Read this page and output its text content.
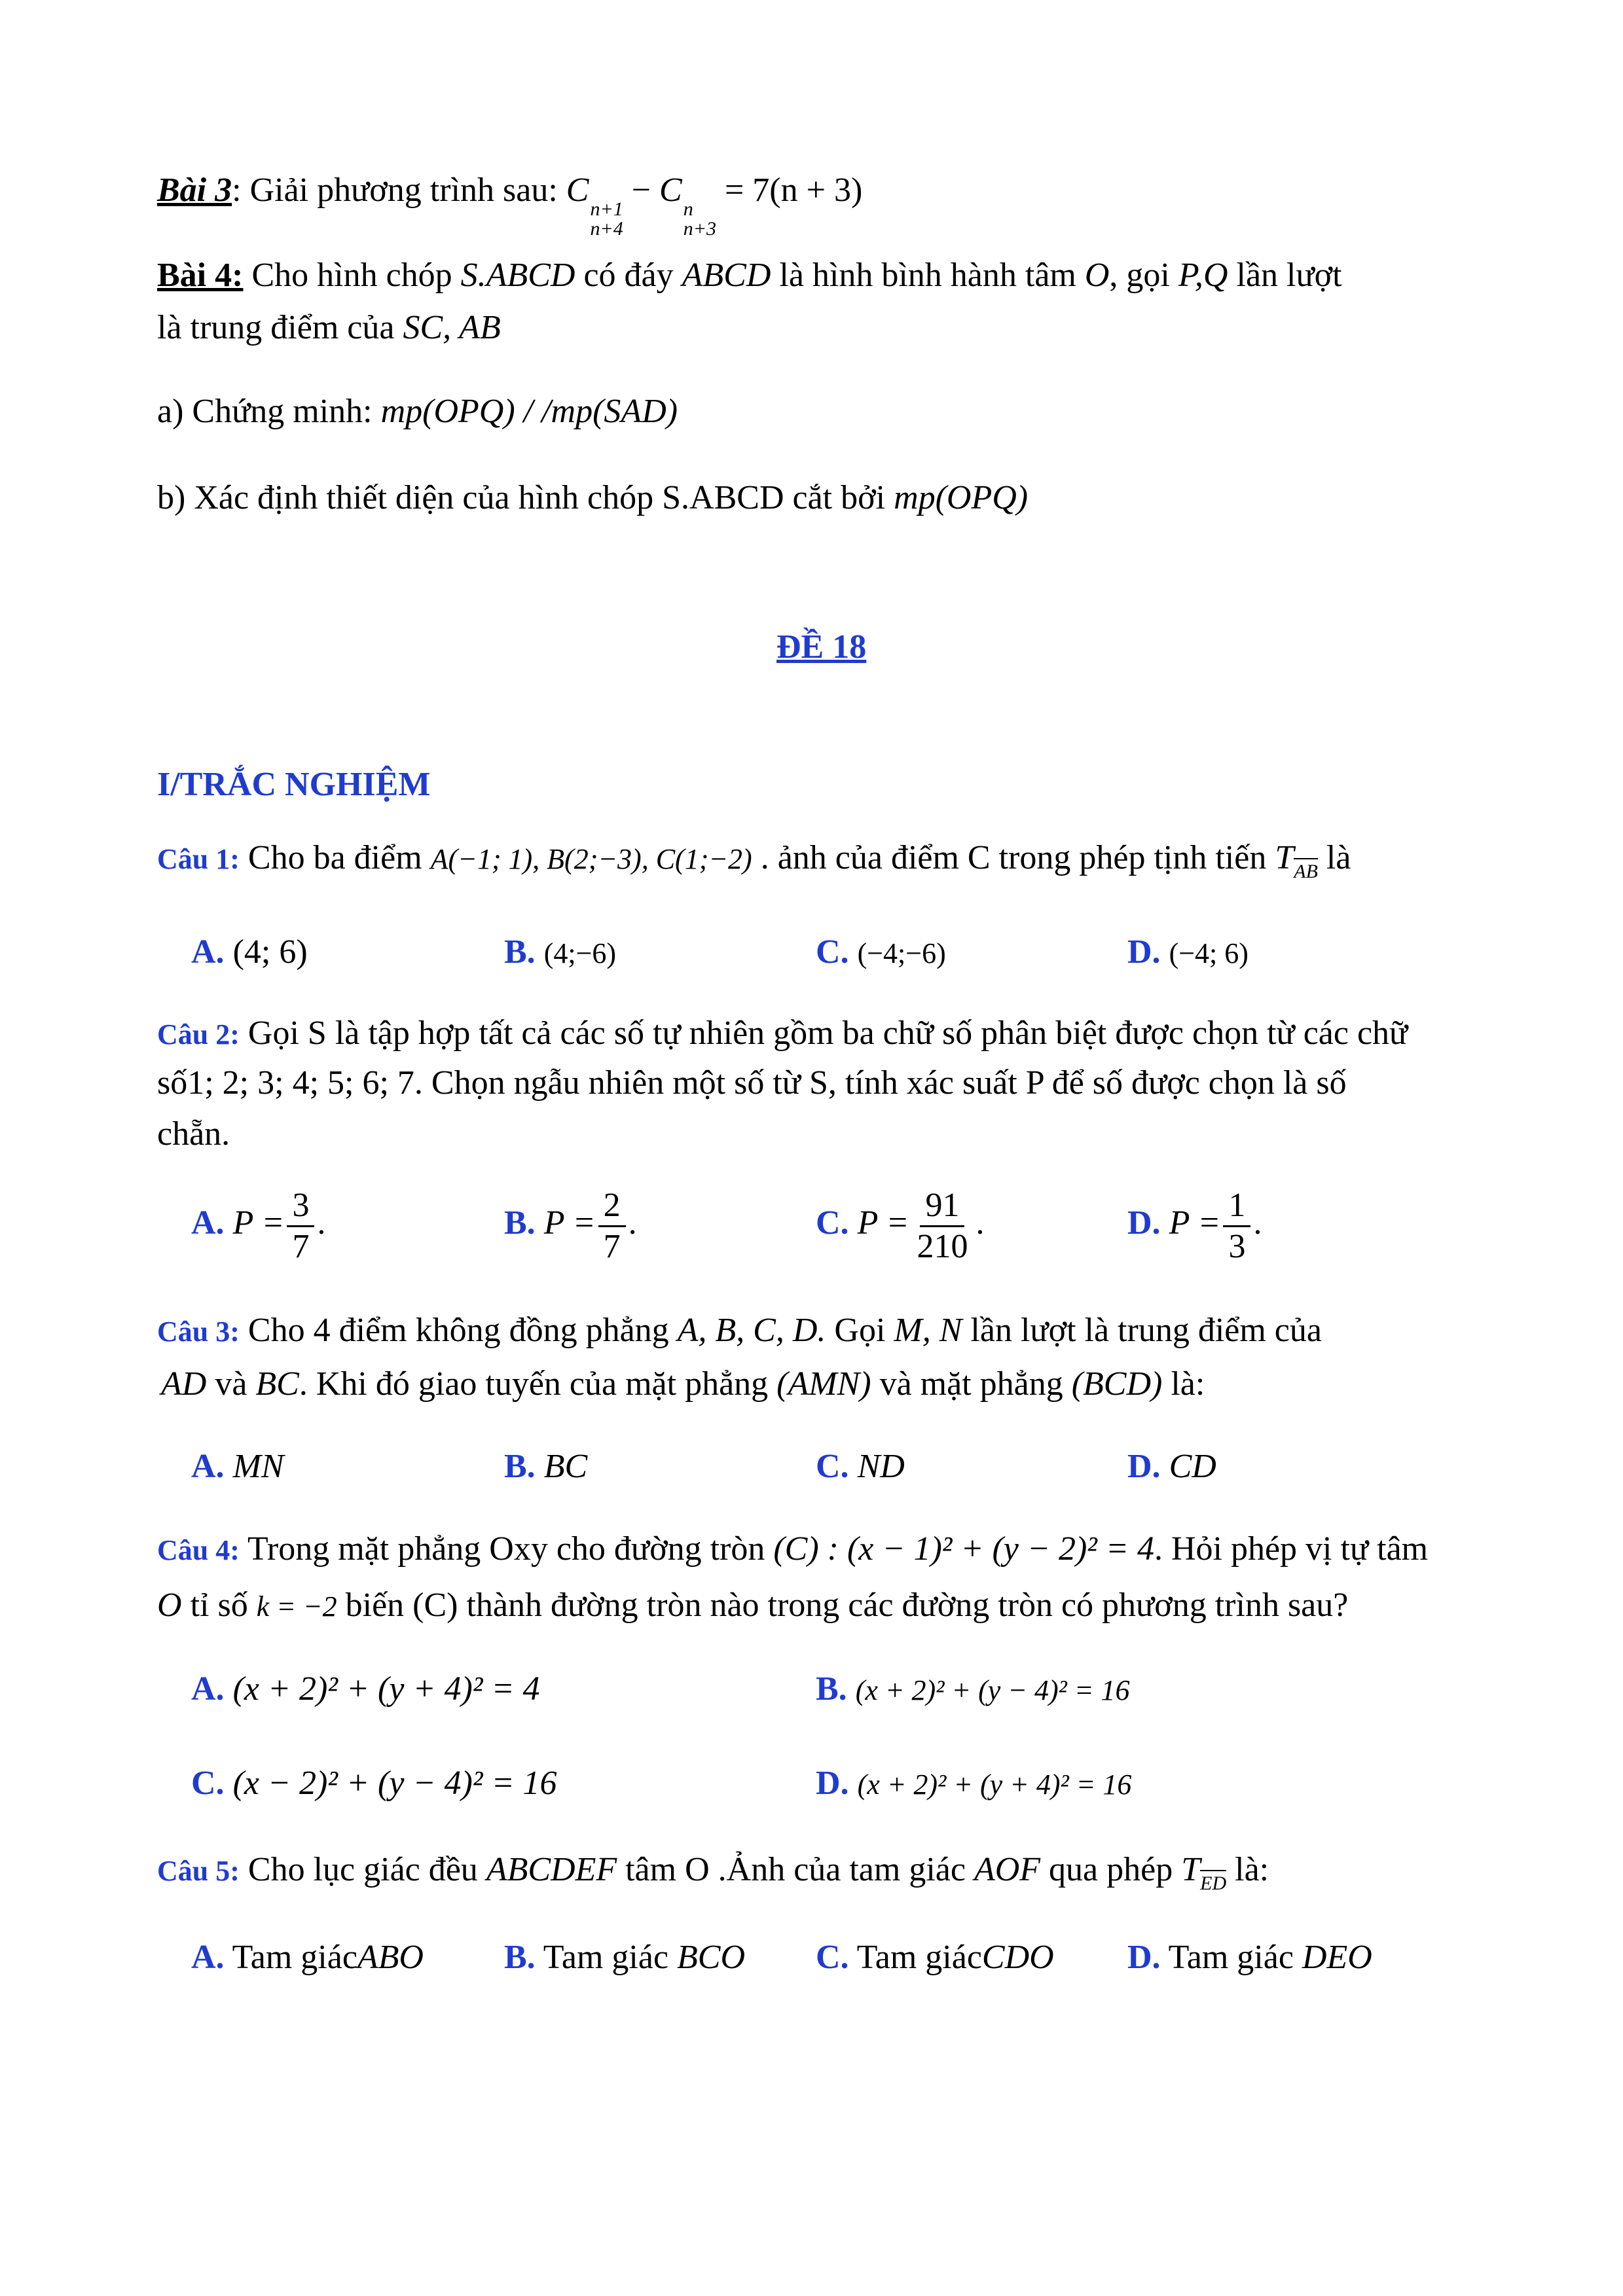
Bài 3: Giải phương trình sau: C
n+1
n+4
− C
n
n+3
= 7(n + 3)
Bài 4: Cho hình chóp S.ABCD có đáy ABCD là hình bình hành tâm O, gọi P,Q lần lượt
là trung điểm của SC, AB
a) Chứng minh: mp(OPQ) / /mp(SAD)
b) Xác định thiết diện của hình chóp S.ABCD cắt bởi mp(OPQ)
ĐỀ 18
I/TRẮC NGHIỆM
Câu 1: Cho ba điểm A(−1; 1), B(2;−3), C(1;−2) . ảnh của điểm C trong phép tịnh tiến TAB là
A. (4; 6)	B. (4;−6)	C. (−4;−6)	D. (−4; 6)
Câu 2: Gọi S là tập hợp tất cả các số tự nhiên gồm ba chữ số phân biệt được chọn từ các chữ
số1; 2; 3; 4; 5; 6; 7. Chọn ngẫu nhiên một số từ S, tính xác suất P để số được chọn là số
chẵn.
A. $P = \frac{3}{7}$ .	B. $P = \frac{2}{7}$ .	C. $P = \frac{91}{210}$ .	D. $P = \frac{1}{3}$ .
Câu 3: Cho 4 điểm không đồng phẳng A, B, C, D. Gọi M, N lần lượt là trung điểm của
AD và BC. Khi đó giao tuyến của mặt phẳng (AMN) và mặt phẳng (BCD) là:
A. MN	B. BC	C. ND	D. CD
Câu 4: Trong mặt phẳng Oxy cho đường tròn (C) : (x − 1)² + (y − 2)² = 4. Hỏi phép vị tự tâm
O tỉ số k = −2 biến (C) thành đường tròn nào trong các đường tròn có phương trình sau?
A. (x + 2)² + (y + 4)² = 4	B. (x + 2)² + (y − 4)² = 16
C. (x − 2)² + (y − 4)² = 16	D. (x + 2)² + (y + 4)² = 16
Câu 5: Cho lục giác đều ABCDEF tâm O .Ảnh của tam giác AOF qua phép TED là:
A. Tam giácABO B. Tam giác BCO C. Tam giácCDO D. Tam giác DEO
